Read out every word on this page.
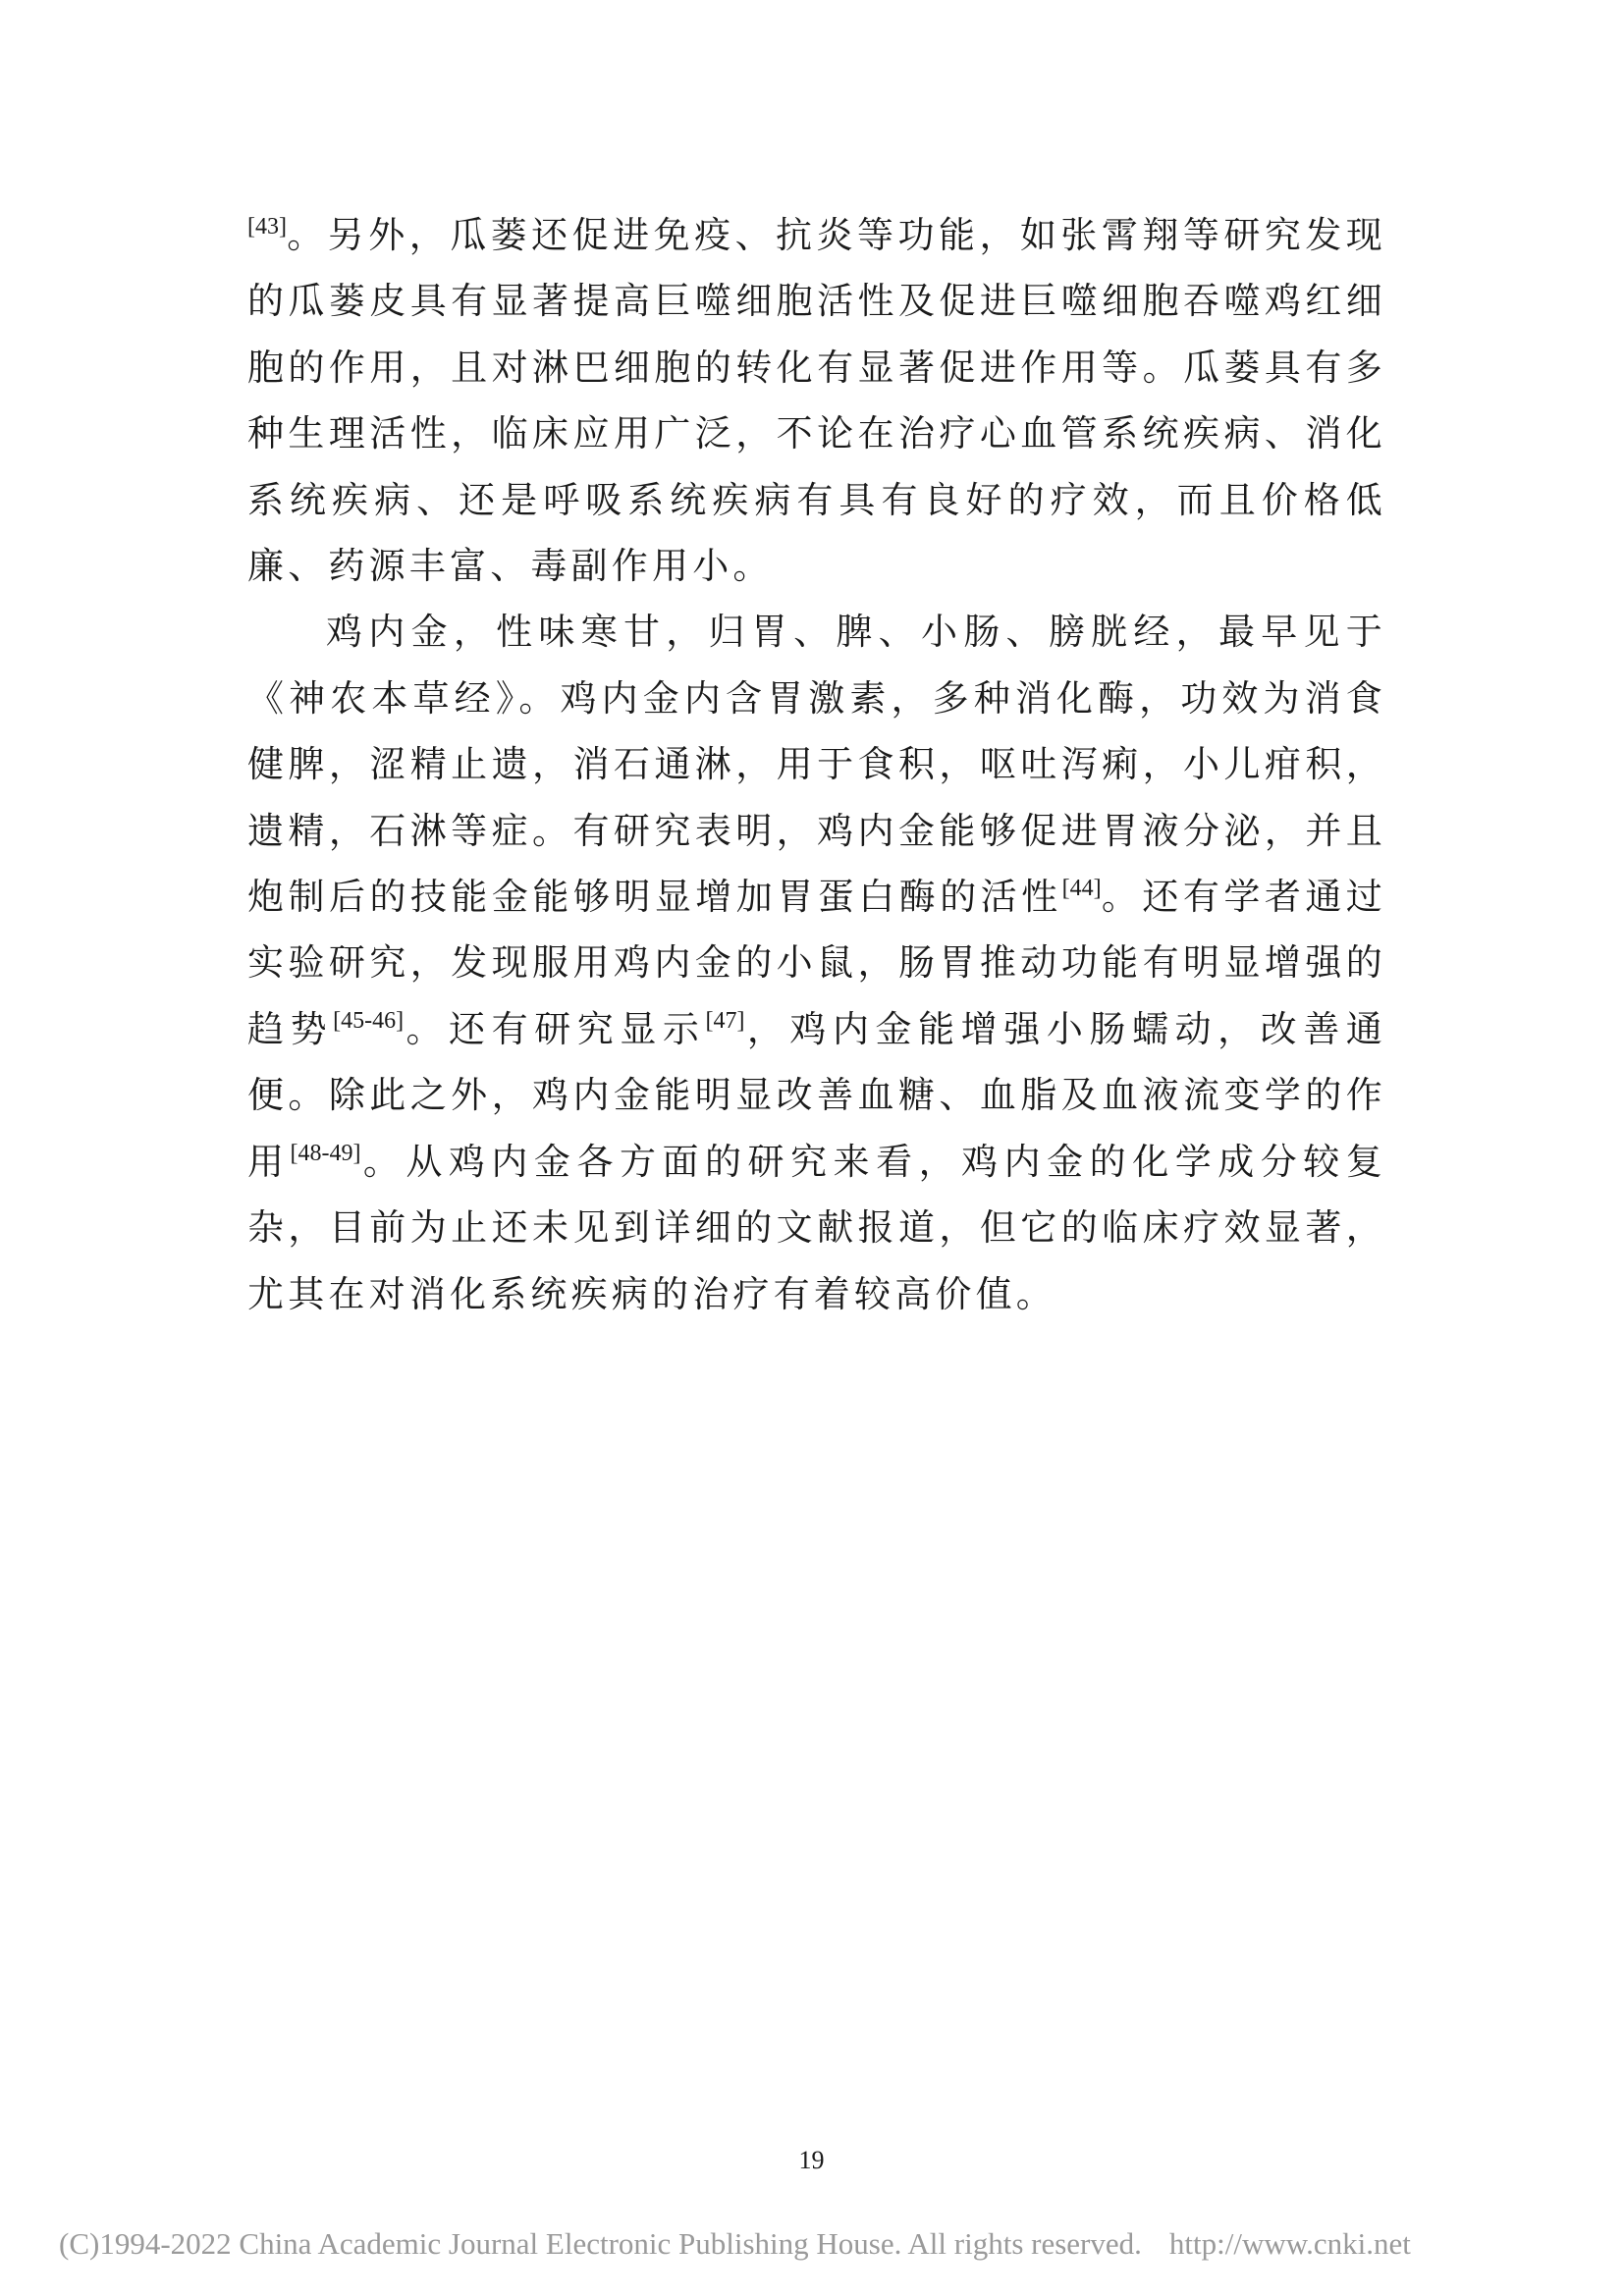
[43]。另外，瓜蒌还促进免疫、抗炎等功能，如张霄翔等研究发现的瓜蒌皮具有显著提高巨噬细胞活性及促进巨噬细胞吞噬鸡红细胞的作用，且对淋巴细胞的转化有显著促进作用等。瓜蒌具有多种生理活性，临床应用广泛，不论在治疗心血管系统疾病、消化系统疾病、还是呼吸系统疾病有具有良好的疗效，而且价格低廉、药源丰富、毒副作用小。

鸡内金，性味寒甘，归胃、脾、小肠、膀胱经，最早见于《神农本草经》。鸡内金内含胃激素，多种消化酶，功效为消食健脾，涩精止遗，消石通淋，用于食积，呕吐泻痢，小儿疳积，遗精，石淋等症。有研究表明，鸡内金能够促进胃液分泌，并且炮制后的技能金能够明显增加胃蛋白酶的活性[44]。还有学者通过实验研究，发现服用鸡内金的小鼠，肠胃推动功能有明显增强的趋势[45-46]。还有研究显示[47]，鸡内金能增强小肠蠕动，改善通便。除此之外，鸡内金能明显改善血糖、血脂及血液流变学的作用[48-49]。从鸡内金各方面的研究来看，鸡内金的化学成分较复杂，目前为止还未见到详细的文献报道，但它的临床疗效显著，尤其在对消化系统疾病的治疗有着较高价值。

19
(C)1994-2022 China Academic Journal Electronic Publishing House. All rights reserved. http://www.cnki.net
